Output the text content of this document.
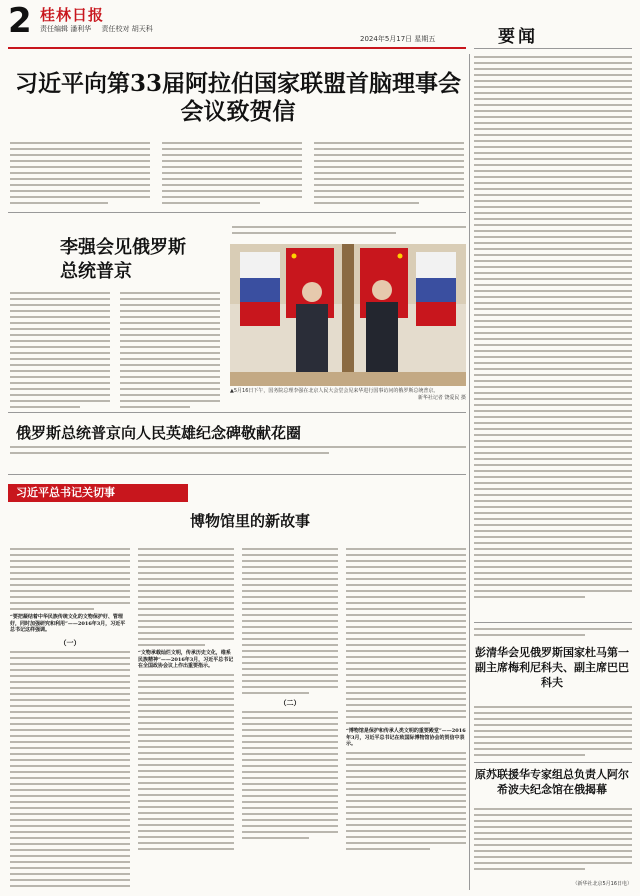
2 桂林日报
责任编辑 潘利华 责任校对 胡天科
2024年5月17日 星期五	要闻
习近平向第33届阿拉伯国家联盟首脑理事会会议致贺信
李强会见俄罗斯总统普京
▲5月16日下午，国务院总理李强在北京人民大会堂会见来华进行国事访问的俄罗斯总统普京。
新华社记者 饶爱民 摄
俄罗斯总统普京向人民英雄纪念碑敬献花圈
习近平总书记关切事
博物馆里的新故事
“要把凝结着中华民族传统文化的文物保护好、管理好，同时加强研究和利用”——2016年3月，习近平总书记这样强调。
（一）
“文物承载灿烂文明，传承历史文化，维系民族精神”——2016年3月，习近平总书记在全国政协会议上作出重要指示。
（二）
“博物馆是保护和传承人类文明的重要殿堂”——2016年3月，习近平总书记在致国际博物馆协会的贺信中表示。
彭清华会见俄罗斯国家杜马第一副主席梅利尼科夫、副主席巴巴科夫
原苏联援华专家组总负责人阿尔希波夫纪念馆在俄揭幕
（新华社北京5月16日电）
